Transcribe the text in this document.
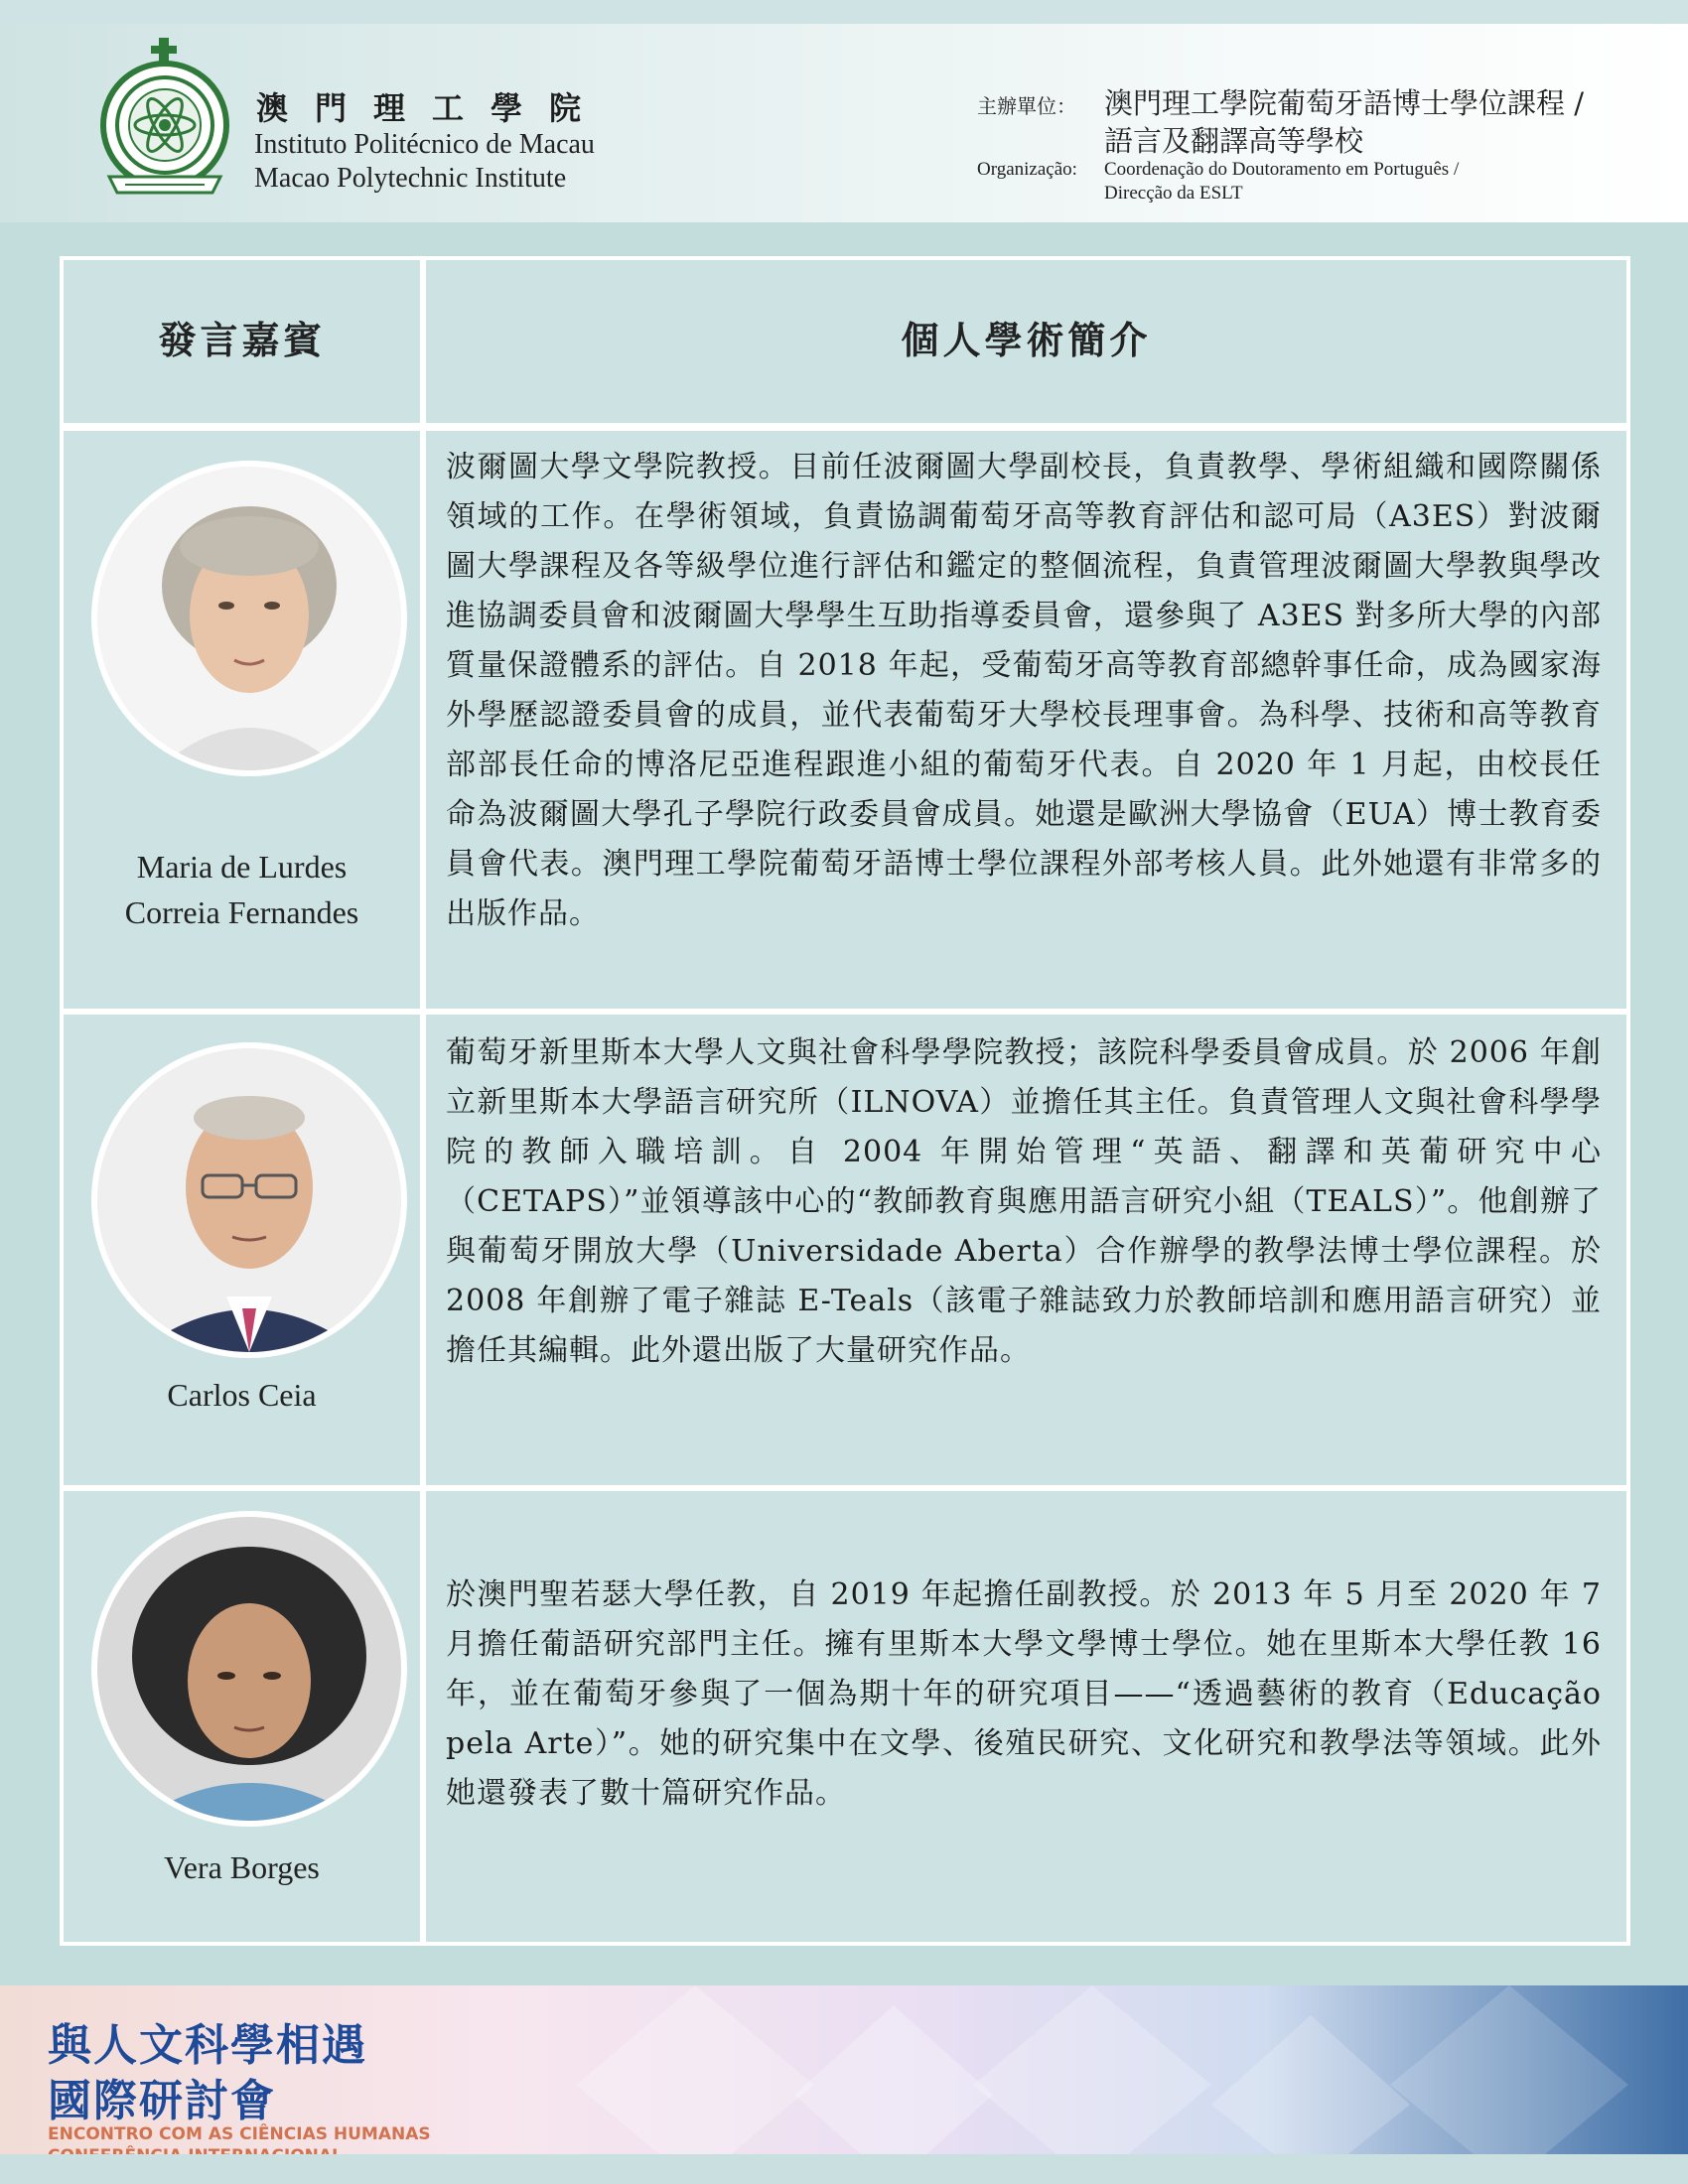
澳門理工學院
Instituto Politécnico de Macau
Macao Polytechnic Institute
主辦單位： 澳門理工學院葡萄牙語博士學位課程 /
語言及翻譯高等學校
Organização: Coordenação do Doutoramento em Português /
Direcção da ESLT
發言嘉賓	個人學術簡介
Maria de Lurdes
Correia Fernandes
波爾圖大學文學院教授。目前任波爾圖大學副校長，負責教學、學術組織和國際關係領域的工作。在學術領域，負責協調葡萄牙高等教育評估和認可局（A3ES）對波爾圖大學課程及各等級學位進行評估和鑑定的整個流程，負責管理波爾圖大學教與學改進協調委員會和波爾圖大學學生互助指導委員會，還參與了 A3ES 對多所大學的內部質量保證體系的評估。自 2018 年起，受葡萄牙高等教育部總幹事任命，成為國家海外學歷認證委員會的成員，並代表葡萄牙大學校長理事會。為科學、技術和高等教育部部長任命的博洛尼亞進程跟進小組的葡萄牙代表。自 2020 年 1 月起，由校長任命為波爾圖大學孔子學院行政委員會成員。她還是歐洲大學協會（EUA）博士教育委員會代表。澳門理工學院葡萄牙語博士學位課程外部考核人員。此外她還有非常多的出版作品。
Carlos Ceia
葡萄牙新里斯本大學人文與社會科學學院教授；該院科學委員會成員。於 2006 年創立新里斯本大學語言研究所（ILNOVA）並擔任其主任。負責管理人文與社會科學學院的教師入職培訓。自 2004 年開始管理“英語、翻譯和英葡研究中心（CETAPS）”並領導該中心的“教師教育與應用語言研究小組（TEALS）”。他創辦了與葡萄牙開放大學（Universidade Aberta）合作辦學的教學法博士學位課程。於 2008 年創辦了電子雜誌 E-Teals（該電子雜誌致力於教師培訓和應用語言研究）並擔任其編輯。此外還出版了大量研究作品。
Vera Borges
於澳門聖若瑟大學任教，自 2019 年起擔任副教授。於 2013 年 5 月至 2020 年 7 月擔任葡語研究部門主任。擁有里斯本大學文學博士學位。她在里斯本大學任教 16 年，並在葡萄牙參與了一個為期十年的研究項目——“透過藝術的教育（Educação pela Arte）”。她的研究集中在文學、後殖民研究、文化研究和教學法等領域。此外她還發表了數十篇研究作品。
與人文科學相遇
國際研討會
ENCONTRO COM AS CIÊNCIAS HUMANAS
